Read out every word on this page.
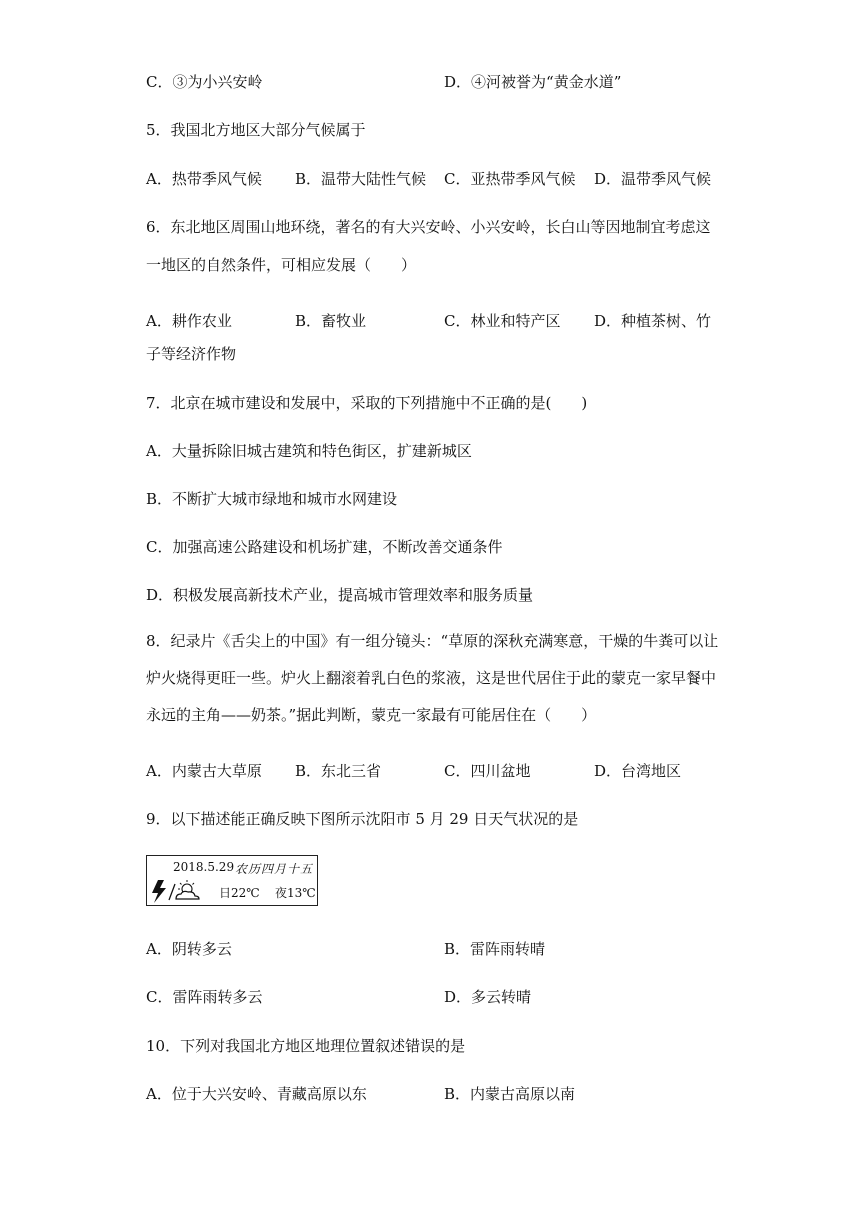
C．③为小兴安岭	D．④河被誉为“黄金水道”
5．我国北方地区大部分气候属于
A．热带季风气候 B．温带大陆性气候 C．亚热带季风气候 D．温带季风气候
6．东北地区周围山地环绕，著名的有大兴安岭、小兴安岭，长白山等因地制宜考虑这
一地区的自然条件，可相应发展（　　）
A．耕作农业	B．畜牧业	C．林业和特产区 D．种植茶树、竹
子等经济作物
7．北京在城市建设和发展中，采取的下列措施中不正确的是(　　)
A．大量拆除旧城古建筑和特色街区，扩建新城区
B．不断扩大城市绿地和城市水网建设
C．加强高速公路建设和机场扩建，不断改善交通条件
D．积极发展高新技术产业，提高城市管理效率和服务质量
8．纪录片《舌尖上的中国》有一组分镜头：“草原的深秋充满寒意，干燥的牛粪可以让
炉火烧得更旺一些。炉火上翻滚着乳白色的浆液，这是世代居住于此的蒙克一家早餐中
永远的主角——奶茶。”据此判断，蒙克一家最有可能居住在（　　）
A．内蒙古大草原 B．东北三省	C．四川盆地	D．台湾地区
9．以下描述能正确反映下图所示沈阳市 5 月 29 日天气状况的是
2018.5.29 农历四月十五
日22℃ 夜13℃
A．阴转多云	B．雷阵雨转晴
C．雷阵雨转多云	D．多云转晴
10．下列对我国北方地区地理位置叙述错误的是
A．位于大兴安岭、青藏高原以东	B．内蒙古高原以南
